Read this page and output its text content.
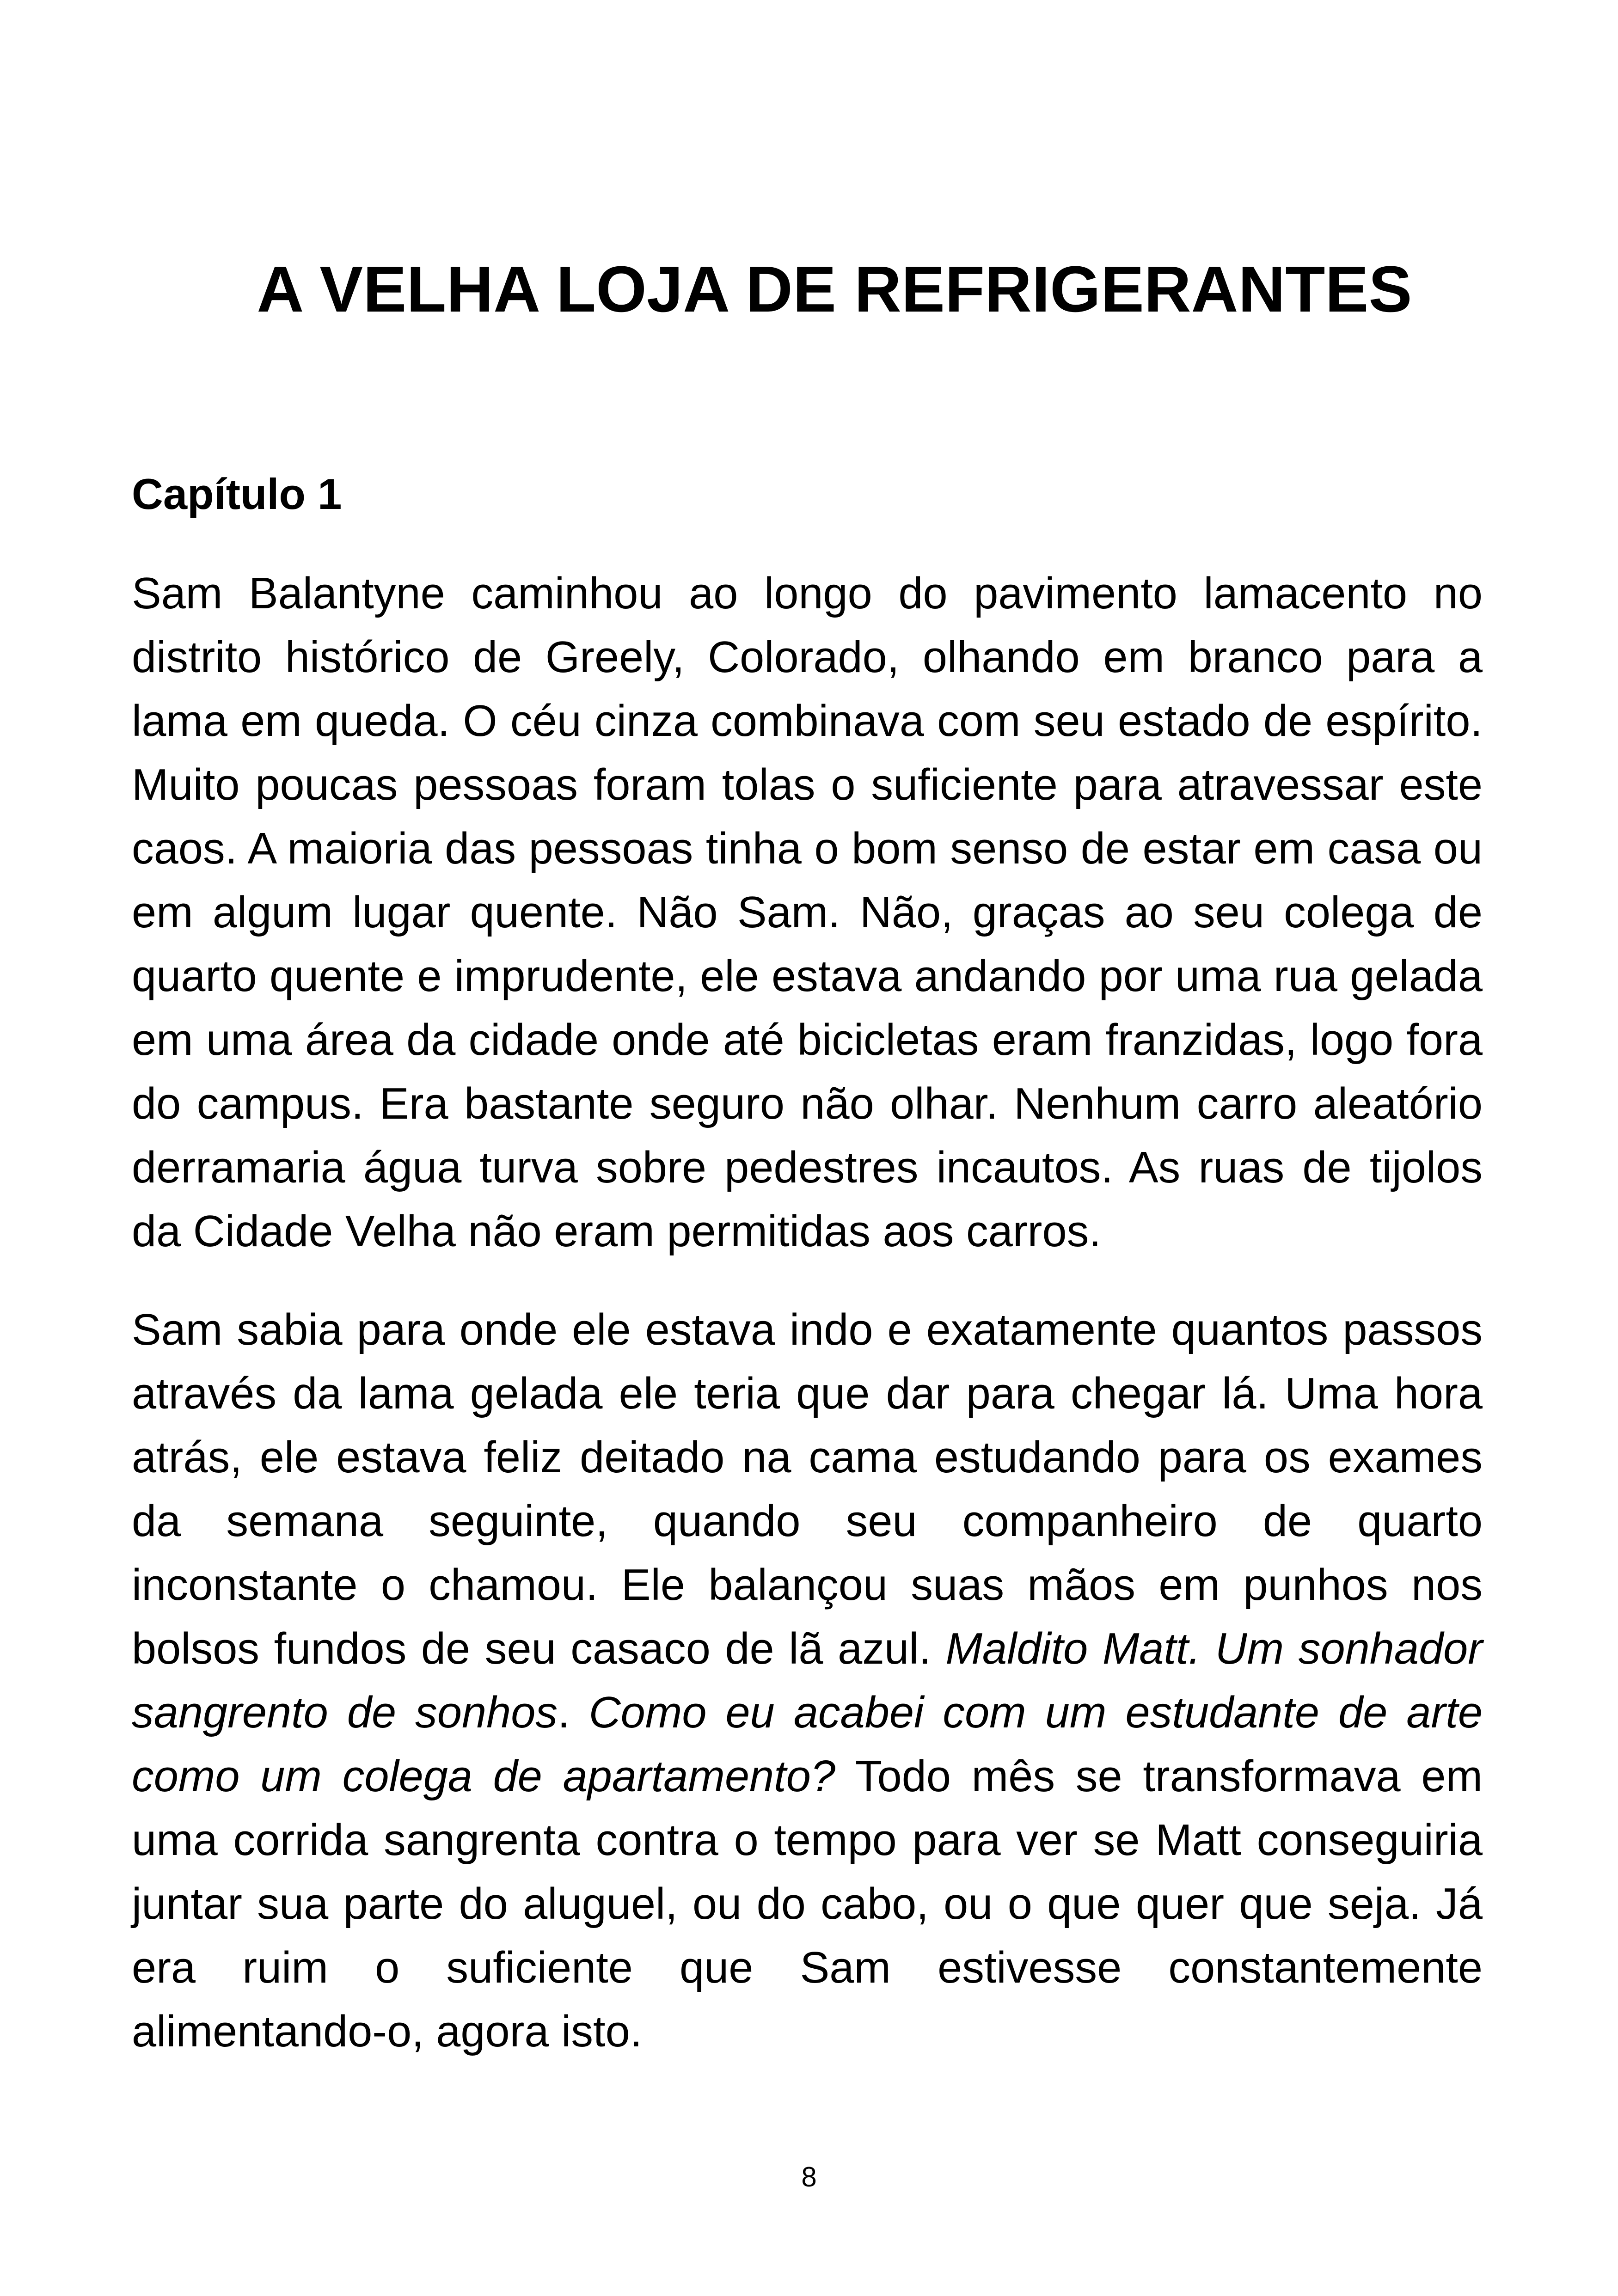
A VELHA LOJA DE REFRIGERANTES
Capítulo 1

Sam Balantyne caminhou ao longo do pavimento lamacento no distrito histórico de Greely, Colorado, olhando em branco para a lama em queda. O céu cinza combinava com seu estado de espírito. Muito poucas pessoas foram tolas o suficiente para atravessar este caos. A maioria das pessoas tinha o bom senso de estar em casa ou em algum lugar quente. Não Sam. Não, graças ao seu colega de quarto quente e imprudente, ele estava andando por uma rua gelada em uma área da cidade onde até bicicletas eram franzidas, logo fora do campus. Era bastante seguro não olhar. Nenhum carro aleatório derramaria água turva sobre pedestres incautos. As ruas de tijolos da Cidade Velha não eram permitidas aos carros.

Sam sabia para onde ele estava indo e exatamente quantos passos através da lama gelada ele teria que dar para chegar lá. Uma hora atrás, ele estava feliz deitado na cama estudando para os exames da semana seguinte, quando seu companheiro de quarto inconstante o chamou. Ele balançou suas mãos em punhos nos bolsos fundos de seu casaco de lã azul. Maldito Matt. Um sonhador sangrento de sonhos. Como eu acabei com um estudante de arte como um colega de apartamento? Todo mês se transformava em uma corrida sangrenta contra o tempo para ver se Matt conseguiria juntar sua parte do aluguel, ou do cabo, ou o que quer que seja. Já era ruim o suficiente que Sam estivesse constantemente alimentando-o, agora isto.

8
